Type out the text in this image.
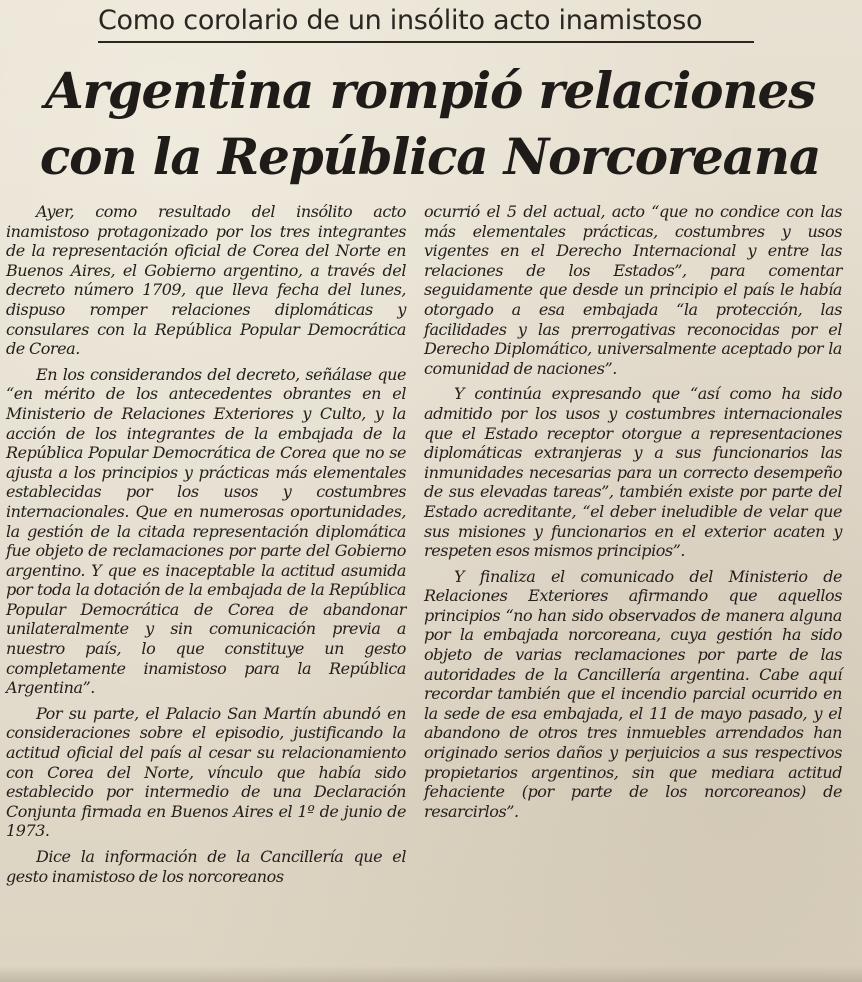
Como corolario de un insólito acto inamistoso
Argentina rompió relaciones
con la República Norcoreana

Ayer, como resultado del insólito acto inamistoso protagonizado por los tres integrantes de la representación oficial de Corea del Norte en Buenos Aires, el Gobierno argentino, a través del decreto número 1709, que lleva fecha del lunes, dispuso romper relaciones diplomáticas y consulares con la República Popular Democrática de Corea.

En los considerandos del decreto, señálase que “en mérito de los antecedentes obrantes en el Ministerio de Relaciones Exteriores y Culto, y la acción de los integrantes de la embajada de la República Popular Democrática de Corea que no se ajusta a los principios y prácticas más elementales establecidas por los usos y costumbres internacionales. Que en numerosas oportunidades, la gestión de la citada representación diplomática fue objeto de reclamaciones por parte del Gobierno argentino. Y que es inaceptable la actitud asumida por toda la dotación de la embajada de la República Popular Democrática de Corea de abandonar unilateralmente y sin comunicación previa a nuestro país, lo que constituye un gesto completamente inamistoso para la República Argentina”.

Por su parte, el Palacio San Martín abundó en consideraciones sobre el episodio, justificando la actitud oficial del país al cesar su relacionamiento con Corea del Norte, vínculo que había sido establecido por intermedio de una Declaración Conjunta firmada en Buenos Aires el 1º de junio de 1973.

Dice la información de la Cancillería que el gesto inamistoso de los norcoreanos

ocurrió el 5 del actual, acto “que no condice con las más elementales prácticas, costumbres y usos vigentes en el Derecho Internacional y entre las relaciones de los Estados”, para comentar seguidamente que desde un principio el país le había otorgado a esa embajada “la protección, las facilidades y las prerrogativas reconocidas por el Derecho Diplomático, universalmente aceptado por la comunidad de naciones”.

Y continúa expresando que “así como ha sido admitido por los usos y costumbres internacionales que el Estado receptor otorgue a representaciones diplomáticas extranjeras y a sus funcionarios las inmunidades necesarias para un correcto desempeño de sus elevadas tareas”, también existe por parte del Estado acreditante, “el deber ineludible de velar que sus misiones y funcionarios en el exterior acaten y respeten esos mismos principios”.

Y finaliza el comunicado del Ministerio de Relaciones Exteriores afirmando que aquellos principios “no han sido observados de manera alguna por la embajada norcoreana, cuya gestión ha sido objeto de varias reclamaciones por parte de las autoridades de la Cancillería argentina. Cabe aquí recordar también que el incendio parcial ocurrido en la sede de esa embajada, el 11 de mayo pasado, y el abandono de otros tres inmuebles arrendados han originado serios daños y perjuicios a sus respectivos propietarios argentinos, sin que mediara actitud fehaciente (por parte de los norcoreanos) de resarcirlos”.
